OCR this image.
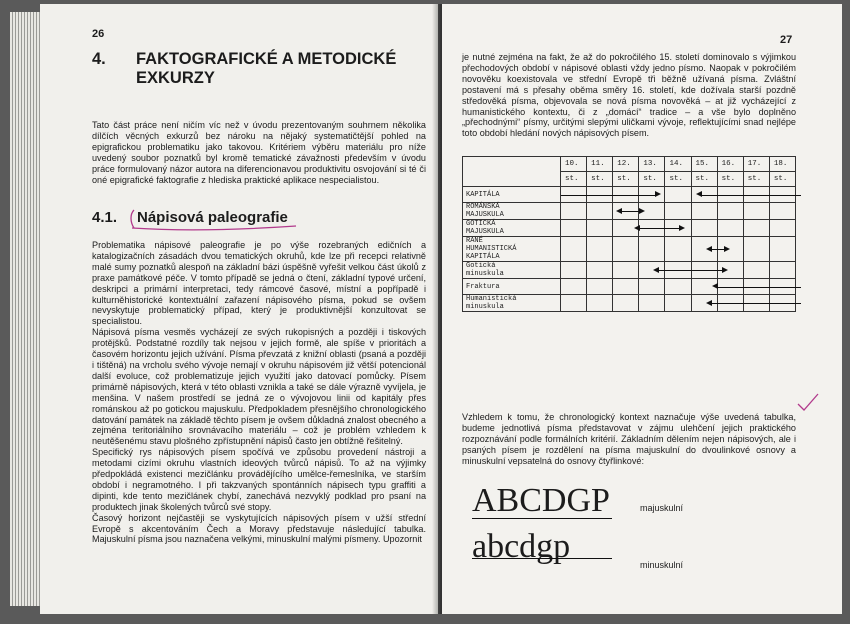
26
4. FAKTOGRAFICKÉ A METODICKÉ EXKURZY
Tato část práce není ničím víc než v úvodu prezentovaným souhrnem několika dílčích věcných exkurzů bez nároku na nějaký systematičtější pohled na epigrafickou problematiku jako takovou. Kritériem výběru materiálu pro níže uvedený soubor poznatků byl kromě tematické závažnosti především v úvodu práce formulovaný názor autora na diferencionavou produktivitu osvojování si té či oné epigrafické faktografie z hlediska praktické aplikace nespecialistou.
4.1. Nápisová paleografie
Problematika nápisové paleografie je po výše rozebraných edičních a katalogizačních zásadách dvou tematických okruhů, kde lze při recepci relativně malé sumy poznatků alespoň na základní bázi úspěšně vyřešit velkou část úkolů z praxe památkové péče. V tomto případě se jedná o čtení, základní typové určení, deskripci a primární interpretaci, tedy rámcové časové, místní a popřípadě i kulturněhistorické kontextuální zařazení nápisového písma, pokud se ovšem nevyskytuje problematický případ, který je produktivnější konzultovat se specialistou.
Nápisová písma vesměs vycházejí ze svých rukopisných a později i tiskových protějšků. Podstatné rozdíly tak nejsou v jejich formě, ale spíše v prioritách a časovém horizontu jejich užívání. Písma převzatá z knižní oblasti (psaná a později i tištěná) na vrcholu svého vývoje nemají v okruhu nápisovém již větší potencionál další evoluce, což problematizuje jejich využití jako datovací pomůcky. Písem primárně nápisových, která v této oblasti vznikla a také se dále výrazně vyvíjela, je menšina. V našem prostředí se jedná ze o vývojovou linii od kapitály přes románskou až po gotickou majuskulu. Předpokladem přesnějšího chronologického datování památek na základě těchto písem je ovšem důkladná znalost obecného a zejména teritoriálního srovnávacího materiálu – což je problém vzhledem k neutěšenému stavu plošného zpřístupnění nápisů často jen obtížně řešitelný.
Specifický rys nápisových písem spočívá ve způsobu provedení nástroji a metodami cizími okruhu vlastních ideových tvůrců nápisů. To až na výjimky předpokládá existenci mezičlánku provádějícího umělce-řemeslníka, ve starším období i negramotného. I při takzvaných spontánních nápisech typu graffiti a dipinti, kde tento mezičlánek chybí, zanechává nezvyklý podklad pro psaní na produktech jinak školených tvůrců své stopy.
Časový horizont nejčastěji se vyskytujících nápisových písem v užší střední Evropě s akcentováním Čech a Moravy představuje následující tabulka. Majuskulní písma jsou naznačena velkými, minuskulní malými písmeny. Upozornit
27
je nutné zejména na fakt, že až do pokročilého 15. století dominovalo s výjimkou přechodových období v nápisové oblasti vždy jedno písmo. Naopak v pokročilém novověku koexistovala ve střední Evropě tři běžně užívaná písma. Zvláštní postavení má s přesahy oběma směry 16. století, kde dožívala starší pozdně středověká písma, objevovala se nová písma novověká – at již vycházející z humanistického kontextu, či z „domácí“ tradice – a vše bylo doplněno „přechodnými“ písmy, určitými slepými uličkami vývoje, reflektujícími snad nejlépe toto období hledání nových nápisových písem.
	10.	11.	12.	13.	14.	15.	16.	17.	18.
	st.	st.	st.	st.	st.	st.	st.	st.	st.

KAPITÁLA									

ROMÁNSKÁ
MAJUSKULA									

GOTICKÁ
MAJUSKULA									

RANÉ
HUMANISTICKÁ
KAPITÁLA									

Gotická
minuskula									

Fraktura									

Humanistická
minuskula									

Vzhledem k tomu, že chronologický kontext naznačuje výše uvedená tabulka, budeme jednotlivá písma představovat v zájmu ulehčení jejich praktického rozpoznávání podle formálních kritérií. Základním dělením nejen nápisových, ale i psaných písem je rozdělení na písma majuskulní do dvoulinkové osnovy a minuskulní vepsatelná do osnovy čtyřlinkové:
ABCDGP	majuskulní
abcdgp	minuskulní
